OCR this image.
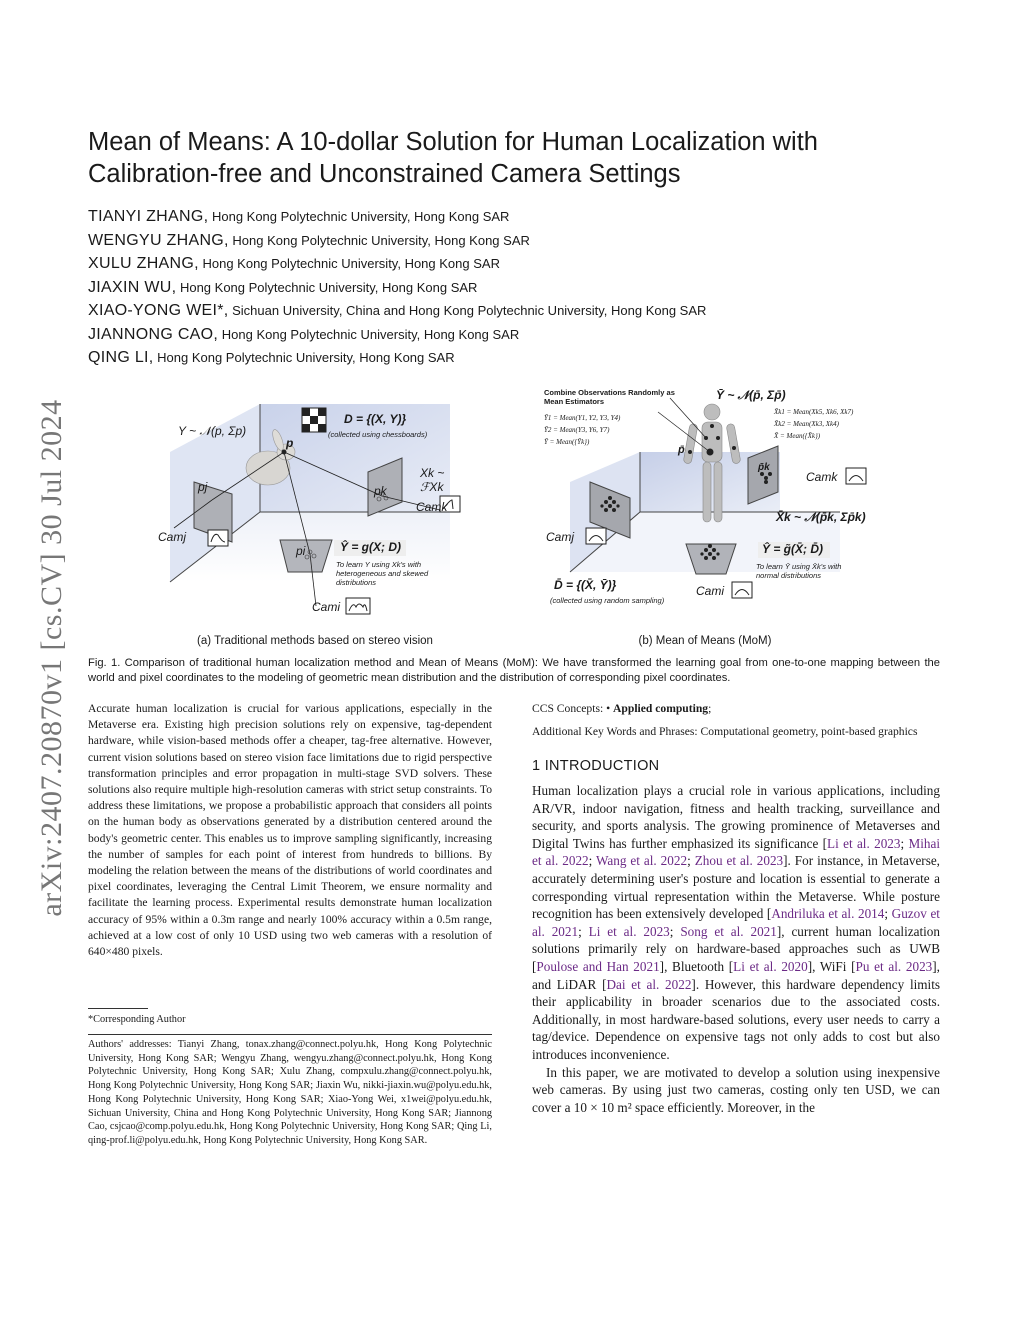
arXiv:2407.20870v1 [cs.CV] 30 Jul 2024
Mean of Means: A 10-dollar Solution for Human Localization with Calibration-free and Unconstrained Camera Settings
TIANYI ZHANG, Hong Kong Polytechnic University, Hong Kong SAR
WENGYU ZHANG, Hong Kong Polytechnic University, Hong Kong SAR
XULU ZHANG, Hong Kong Polytechnic University, Hong Kong SAR
JIAXIN WU, Hong Kong Polytechnic University, Hong Kong SAR
XIAO-YONG WEI*, Sichuan University, China and Hong Kong Polytechnic University, Hong Kong SAR
JIANNONG CAO, Hong Kong Polytechnic University, Hong Kong SAR
QING LI, Hong Kong Polytechnic University, Hong Kong SAR
Y ~ 𝒩(p, Σp)
p
D = {(X, Y)}
(collected using chessboards)
Xk ~ ℱXk
pj	pk
pi
Camj
Camk
Cami
Ŷ = g(X; D)
To learn Y using Xk's with heterogeneous and skewed distributions
(a) Traditional methods based on stereo vision
Combine Observations Randomly as Mean Estimators
Ȳ1 = Mean(Y1, Y2, Y3, Y4)
Ȳ2 = Mean(Y3, Y6, Y7)
Ȳ = Mean({Ȳk})
X̄k1 = Mean(Xk5, Xk6, Xk7)
X̄k2 = Mean(Xk3, Xk4)
X̄ = Mean({X̄k})
Ȳ ~ 𝒩(p̄, Σp̄)
p̄
p̄k
Camk
Camj
Cami
X̄k ~ 𝒩(p̄k, Σp̄k)
Ŷ = g̃(X̄; D̄)
To learn Ȳ using X̄k's with normal distributions
D̄ = {(X̄, Ȳ)}
(collected using random sampling)
(b) Mean of Means (MoM)
Fig. 1. Comparison of traditional human localization method and Mean of Means (MoM): We have transformed the learning goal from one-to-one mapping between the world and pixel coordinates to the modeling of geometric mean distribution and the distribution of corresponding pixel coordinates.
Accurate human localization is crucial for various applications, especially in the Metaverse era. Existing high precision solutions rely on expensive, tag-dependent hardware, while vision-based methods offer a cheaper, tag-free alternative. However, current vision solutions based on stereo vision face limitations due to rigid perspective transformation principles and error propagation in multi-stage SVD solvers. These solutions also require multiple high-resolution cameras with strict setup constraints. To address these limitations, we propose a probabilistic approach that considers all points on the human body as observations generated by a distribution centered around the body's geometric center. This enables us to improve sampling significantly, increasing the number of samples for each point of interest from hundreds to billions. By modeling the relation between the means of the distributions of world coordinates and pixel coordinates, leveraging the Central Limit Theorem, we ensure normality and facilitate the learning process. Experimental results demonstrate human localization accuracy of 95% within a 0.3m range and nearly 100% accuracy within a 0.5m range, achieved at a low cost of only 10 USD using two web cameras with a resolution of 640×480 pixels.
*Corresponding Author
Authors' addresses: Tianyi Zhang, tonax.zhang@connect.polyu.hk, Hong Kong Polytechnic University, Hong Kong SAR; Wengyu Zhang, wengyu.zhang@connect.polyu.hk, Hong Kong Polytechnic University, Hong Kong SAR; Xulu Zhang, compxulu.zhang@connect.polyu.hk, Hong Kong Polytechnic University, Hong Kong SAR; Jiaxin Wu, nikki-jiaxin.wu@polyu.edu.hk, Hong Kong Polytechnic University, Hong Kong SAR; Xiao-Yong Wei, x1wei@polyu.edu.hk, Sichuan University, China and Hong Kong Polytechnic University, Hong Kong SAR; Jiannong Cao, csjcao@comp.polyu.edu.hk, Hong Kong Polytechnic University, Hong Kong SAR; Qing Li, qing-prof.li@polyu.edu.hk, Hong Kong Polytechnic University, Hong Kong SAR.
CCS Concepts: • Applied computing;
Additional Key Words and Phrases: Computational geometry, point-based graphics
1 INTRODUCTION
Human localization plays a crucial role in various applications, including AR/VR, indoor navigation, fitness and health tracking, surveillance and security, and sports analysis. The growing prominence of Metaverses and Digital Twins has further emphasized its significance [Li et al. 2023; Mihai et al. 2022; Wang et al. 2022; Zhou et al. 2023]. For instance, in Metaverse, accurately determining user's posture and location is essential to generate a corresponding virtual representation within the Metaverse. While posture recognition has been extensively developed [Andriluka et al. 2014; Guzov et al. 2021; Li et al. 2023; Song et al. 2021], current human localization solutions primarily rely on hardware-based approaches such as UWB [Poulose and Han 2021], Bluetooth [Li et al. 2020], WiFi [Pu et al. 2023], and LiDAR [Dai et al. 2022]. However, this hardware dependency limits their applicability in broader scenarios due to the associated costs. Additionally, in most hardware-based solutions, every user needs to carry a tag/device. Dependence on expensive tags not only adds to cost but also introduces inconvenience.
In this paper, we are motivated to develop a solution using inexpensive web cameras. By using just two cameras, costing only ten USD, we can cover a 10 × 10 m² space efficiently. Moreover, in the
